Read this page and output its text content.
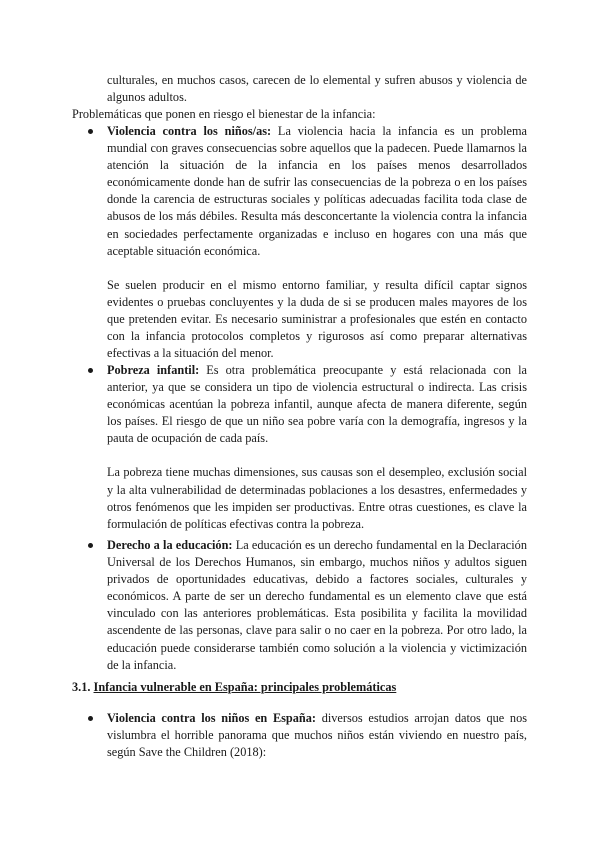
culturales, en muchos casos, carecen de lo elemental y sufren abusos y violencia de algunos adultos.

Problemáticas que ponen en riesgo el bienestar de la infancia:

Violencia contra los niños/as: La violencia hacia la infancia es un problema mundial con graves consecuencias sobre aquellos que la padecen. Puede llamarnos la atención la situación de la infancia en los países menos desarrollados económicamente donde han de sufrir las consecuencias de la pobreza o en los países donde la carencia de estructuras sociales y políticas adecuadas facilita toda clase de abusos de los más débiles. Resulta más desconcertante la violencia contra la infancia en sociedades perfectamente organizadas e incluso en hogares con una más que aceptable situación económica.

Se suelen producir en el mismo entorno familiar, y resulta difícil captar signos evidentes o pruebas concluyentes y la duda de si se producen males mayores de los que pretenden evitar. Es necesario suministrar a profesionales que estén en contacto con la infancia protocolos completos y rigurosos así como preparar alternativas efectivas a la situación del menor.

Pobreza infantil: Es otra problemática preocupante y está relacionada con la anterior, ya que se considera un tipo de violencia estructural o indirecta. Las crisis económicas acentúan la pobreza infantil, aunque afecta de manera diferente, según los países. El riesgo de que un niño sea pobre varía con la demografía, ingresos y la pauta de ocupación de cada país.

La pobreza tiene muchas dimensiones, sus causas son el desempleo, exclusión social y la alta vulnerabilidad de determinadas poblaciones a los desastres, enfermedades y otros fenómenos que les impiden ser productivas. Entre otras cuestiones, es clave la formulación de políticas efectivas contra la pobreza.

Derecho a la educación: La educación es un derecho fundamental en la Declaración Universal de los Derechos Humanos, sin embargo, muchos niños y adultos siguen privados de oportunidades educativas, debido a factores sociales, culturales y económicos. A parte de ser un derecho fundamental es un elemento clave que está vinculado con las anteriores problemáticas. Esta posibilita y facilita la movilidad ascendente de las personas, clave para salir o no caer en la pobreza. Por otro lado, la educación puede considerarse también como solución a la violencia y victimización de la infancia.

3.1. Infancia vulnerable en España: principales problemáticas

Violencia contra los niños en España: diversos estudios arrojan datos que nos vislumbra el horrible panorama que muchos niños están viviendo en nuestro país, según Save the Children (2018):
